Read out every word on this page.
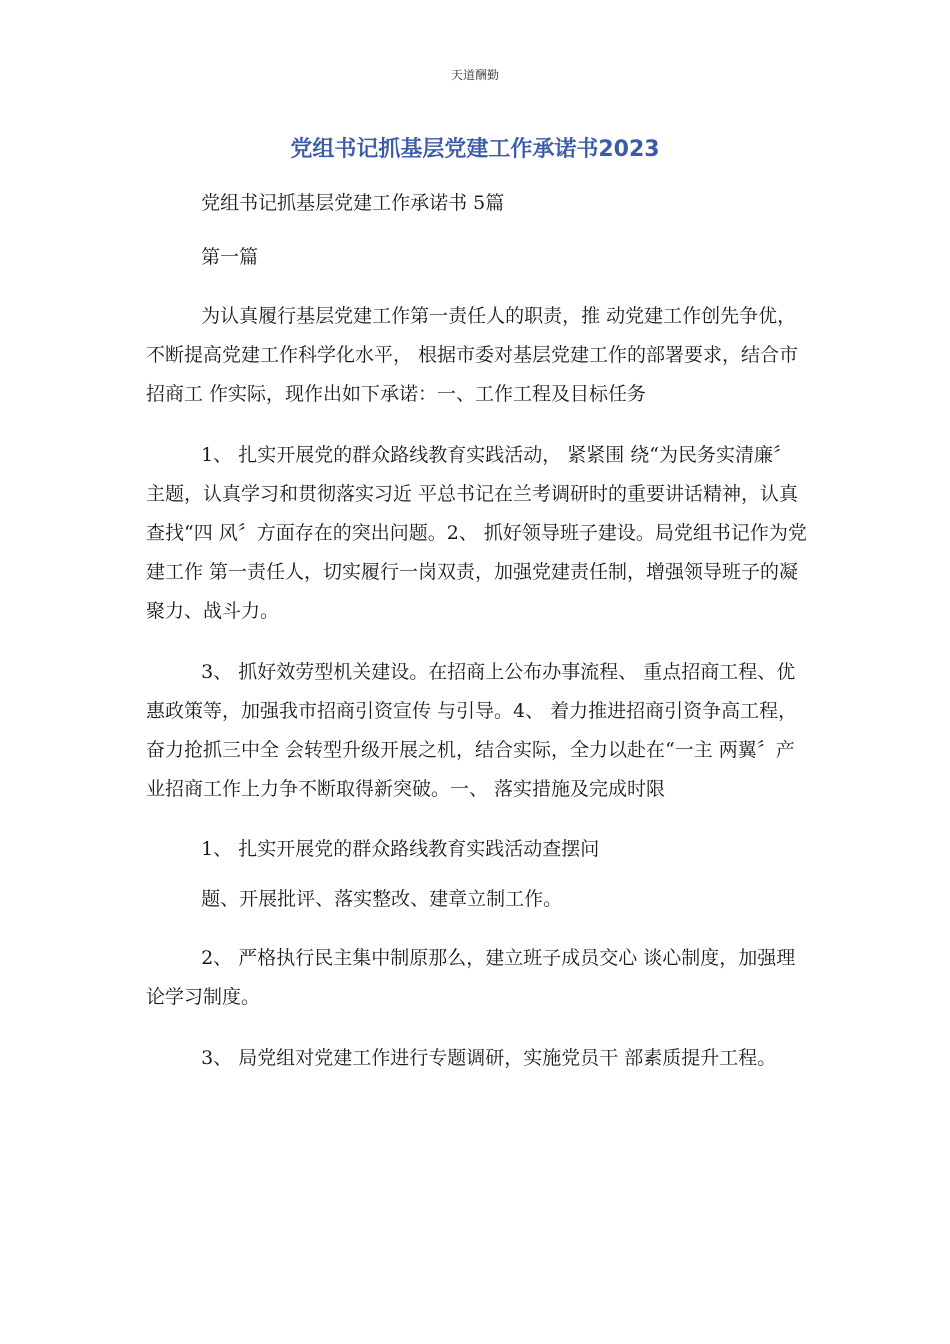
天道酬勤
党组书记抓基层党建工作承诺书2023

党组书记抓基层党建工作承诺书 5篇

第一篇

为认真履行基层党建工作第一责任人的职责，推 动党建工作创先争优，不断提高党建工作科学化水平， 根据市委对基层党建工作的部署要求，结合市招商工 作实际，现作出如下承诺：一、工作工程及目标任务

1、 扎实开展党的群众路线教育实践活动， 紧紧围 绕“为民务实清廉〞主题，认真学习和贯彻落实习近 平总书记在兰考调研时的重要讲话精神，认真查找“四 风〞方面存在的突出问题。2、 抓好领导班子建设。局党组书记作为党建工作 第一责任人，切实履行一岗双责，加强党建责任制，增强领导班子的凝聚力、战斗力。

3、 抓好效劳型机关建设。在招商上公布办事流程、 重点招商工程、优惠政策等，加强我市招商引资宣传 与引导。4、 着力推进招商引资争高工程，奋力抢抓三中全 会转型升级开展之机，结合实际，全力以赴在“一主 两翼〞产业招商工作上力争不断取得新突破。一、 落实措施及完成时限

1、 扎实开展党的群众路线教育实践活动查摆问

题、开展批评、落实整改、建章立制工作。

2、 严格执行民主集中制原那么，建立班子成员交心 谈心制度，加强理论学习制度。

3、 局党组对党建工作进行专题调研，实施党员干 部素质提升工程。
